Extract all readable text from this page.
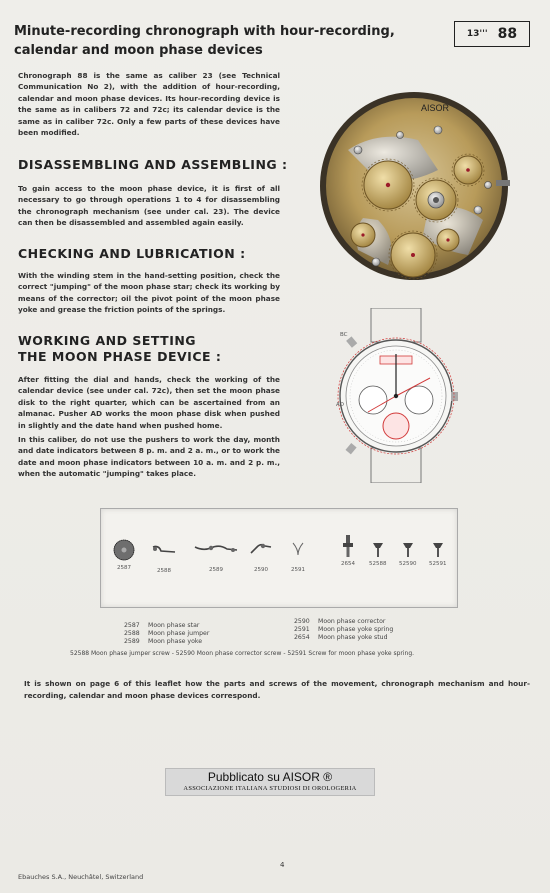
Minute-recording chronograph with hour-recording,
calendar and moon phase devices
13''' 88
Chronograph 88 is the same as caliber 23 (see Technical Communication No 2), with the addition of hour-recording, calendar and moon phase devices. Its hour-recording device is the same as in calibers 72 and 72c; its calendar device is the same as in caliber 72c. Only a few parts of these devices have been modified.
DISASSEMBLING AND ASSEMBLING :
To gain access to the moon phase device, it is first of all necessary to go through operations 1 to 4 for disassembling the chronograph mechanism (see under cal. 23). The device can then be disassembled and assembled again easily.
CHECKING AND LUBRICATION :
With the winding stem in the hand-setting position, check the correct "jumping" of the moon phase star; check its working by means of the corrector; oil the pivot point of the moon phase yoke and grease the friction points of the springs.
WORKING AND SETTING
THE MOON PHASE DEVICE :
After fitting the dial and hands, check the working of the calendar device (see under cal. 72c), then set the moon phase disk to the right quarter, which can be ascertained from an almanac. Pusher AD works the moon phase disk when pushed in slightly and the date hand when pushed home.
In this caliber, do not use the pushers to work the day, month and date indicators between 8 p. m. and 2 a. m., or to work the date and moon phase indicators between 10 a. m. and 2 p. m., when the automatic "jumping" takes place.
AISOR
BC
AD
2587	2588	2589	2590	2591
2654	52588 52590 52591
2587 Moon phase star
2588 Moon phase jumper
2589 Moon phase yoke
2590 Moon phase corrector
2591 Moon phase yoke spring
2654 Moon phase yoke stud
52588 Moon phase jumper screw - 52590 Moon phase corrector screw - 52591 Screw for moon phase yoke spring.
It is shown on page 6 of this leaflet how the parts and screws of the movement, chronograph mechanism and hour-recording, calendar and moon phase devices correspond.
Pubblicato su AISOR ®
ASSOCIAZIONE ITALIANA STUDIOSI DI OROLOGERIA
4
Ebauches S.A., Neuchâtel, Switzerland
